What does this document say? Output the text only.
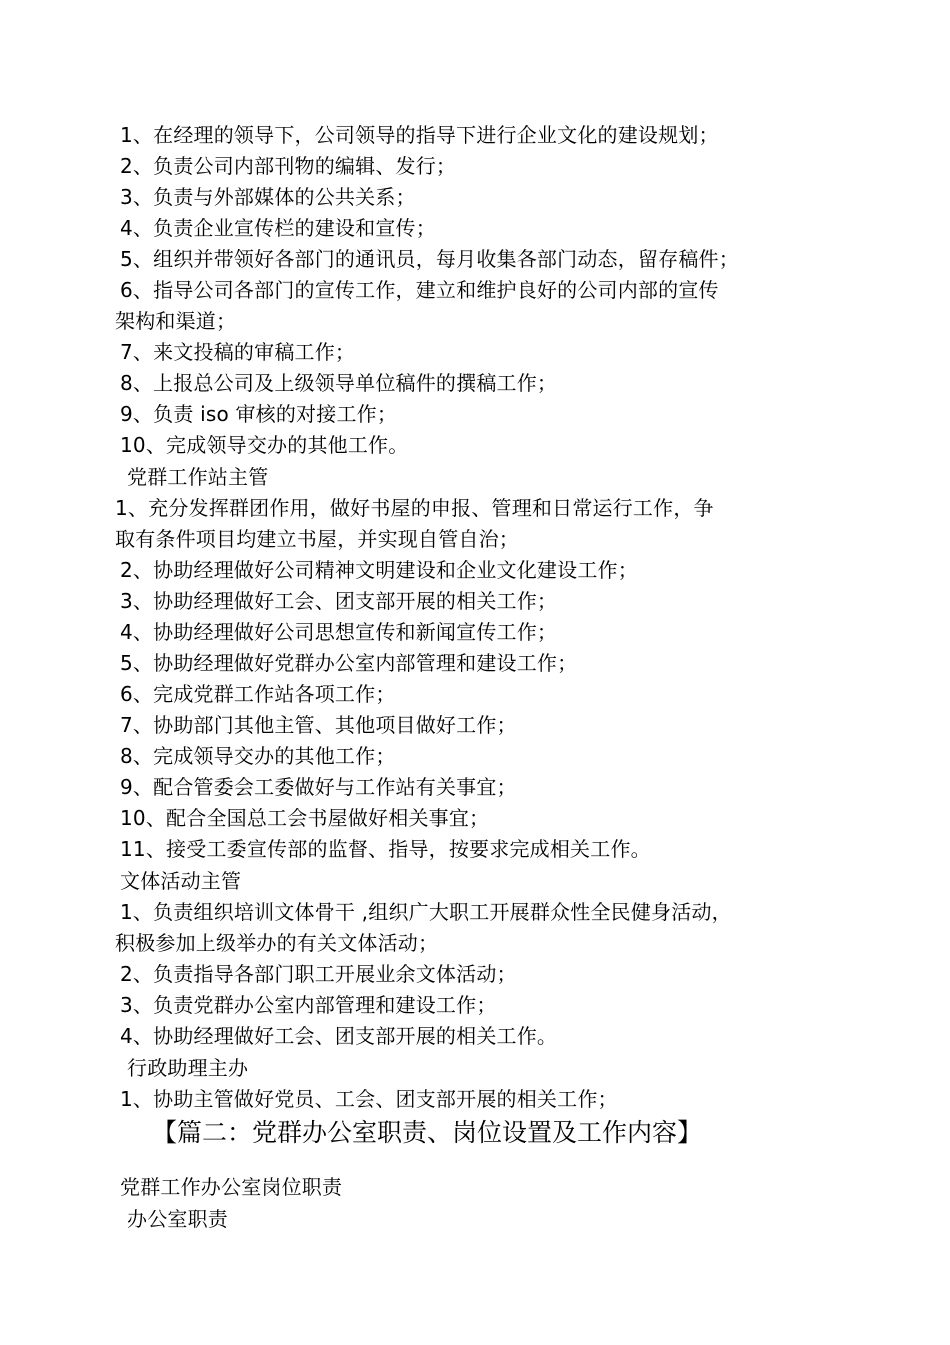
1、在经理的领导下，公司领导的指导下进行企业文化的建设规划；
2、负责公司内部刊物的编辑、发行；
3、负责与外部媒体的公共关系；
4、负责企业宣传栏的建设和宣传；
5、组织并带领好各部门的通讯员，每月收集各部门动态，留存稿件；
6、指导公司各部门的宣传工作，建立和维护良好的公司内部的宣传
架构和渠道；
7、来文投稿的审稿工作；
8、上报总公司及上级领导单位稿件的撰稿工作；
9、负责 iso 审核的对接工作；
10、完成领导交办的其他工作。
党群工作站主管
1、充分发挥群团作用，做好书屋的申报、管理和日常运行工作，争
取有条件项目均建立书屋，并实现自管自治；
2、协助经理做好公司精神文明建设和企业文化建设工作；
3、协助经理做好工会、团支部开展的相关工作；
4、协助经理做好公司思想宣传和新闻宣传工作；
5、协助经理做好党群办公室内部管理和建设工作；
6、完成党群工作站各项工作；
7、协助部门其他主管、其他项目做好工作；
8、完成领导交办的其他工作；
9、配合管委会工委做好与工作站有关事宜；
10、配合全国总工会书屋做好相关事宜；
11、接受工委宣传部的监督、指导，按要求完成相关工作。
文体活动主管
1、负责组织培训文体骨干 ,组织广大职工开展群众性全民健身活动，
积极参加上级举办的有关文体活动；
2、负责指导各部门职工开展业余文体活动；
3、负责党群办公室内部管理和建设工作；
4、协助经理做好工会、团支部开展的相关工作。
行政助理主办
1、协助主管做好党员、工会、团支部开展的相关工作；
【篇二：党群办公室职责、岗位设置及工作内容】
党群工作办公室岗位职责
办公室职责
